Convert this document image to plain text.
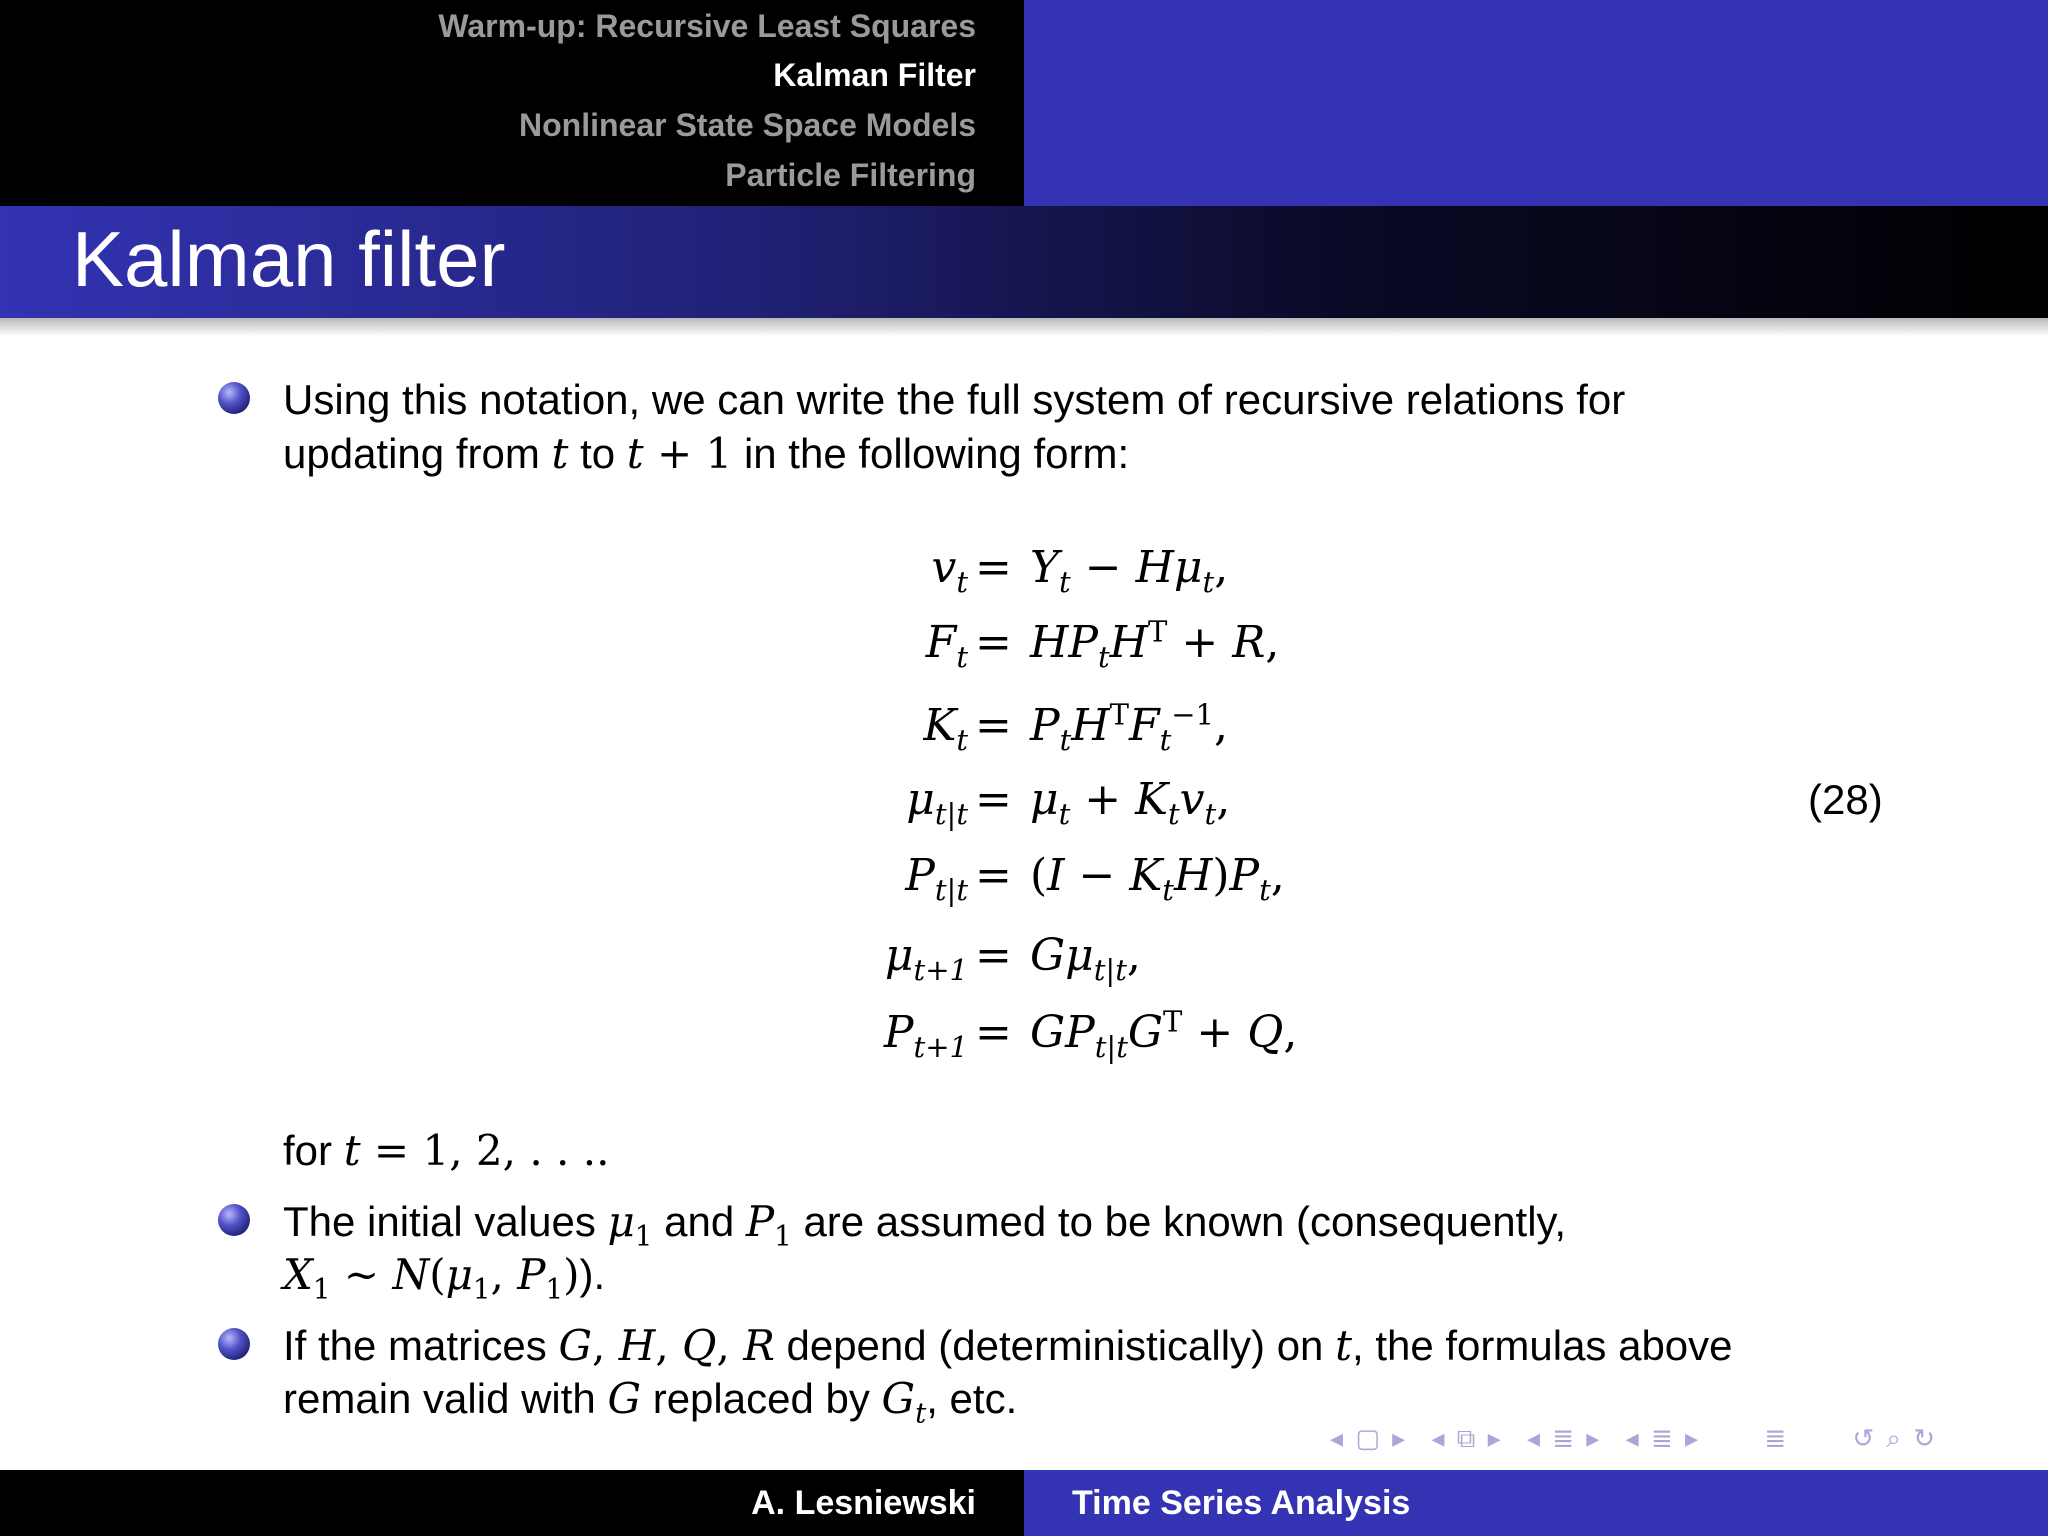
Warm-up: Recursive Least Squares
Kalman Filter
Nonlinear State Space Models
Particle Filtering
Kalman filter
Using this notation, we can write the full system of recursive relations for
updating from t to t + 1 in the following form:
$v_t = Y_t - H\mu_t$,
$F_t = HP_tH^T + R$,
$K_t = P_tH^TF_t^{-1}$,
$\mu_{t|t} = \mu_t + K_tv_t$,
$P_{t|t} = (I - K_tH)P_t$,
$\mu_{t+1} = G\mu_{t|t}$,
$P_{t+1} = GP_{t|t}G^T + Q$,
(28)
for t = 1, 2, . . ..
The initial values $\mu_1$ and $P_1$ are assumed to be known (consequently,
$X_1$ ∼ $N(\mu_1$, $P_1$)).
If the matrices G, H, Q, R depend (deterministically) on t, the formulas above
remain valid with G replaced by $G_t$, etc.
◂ ▢ ▸ ◂ ⧉ ▸ ◂ ≣ ▸ ◂ ≣ ▸ ≣ ↺ ⌕ ↻
A. Lesniewski	Time Series Analysis
